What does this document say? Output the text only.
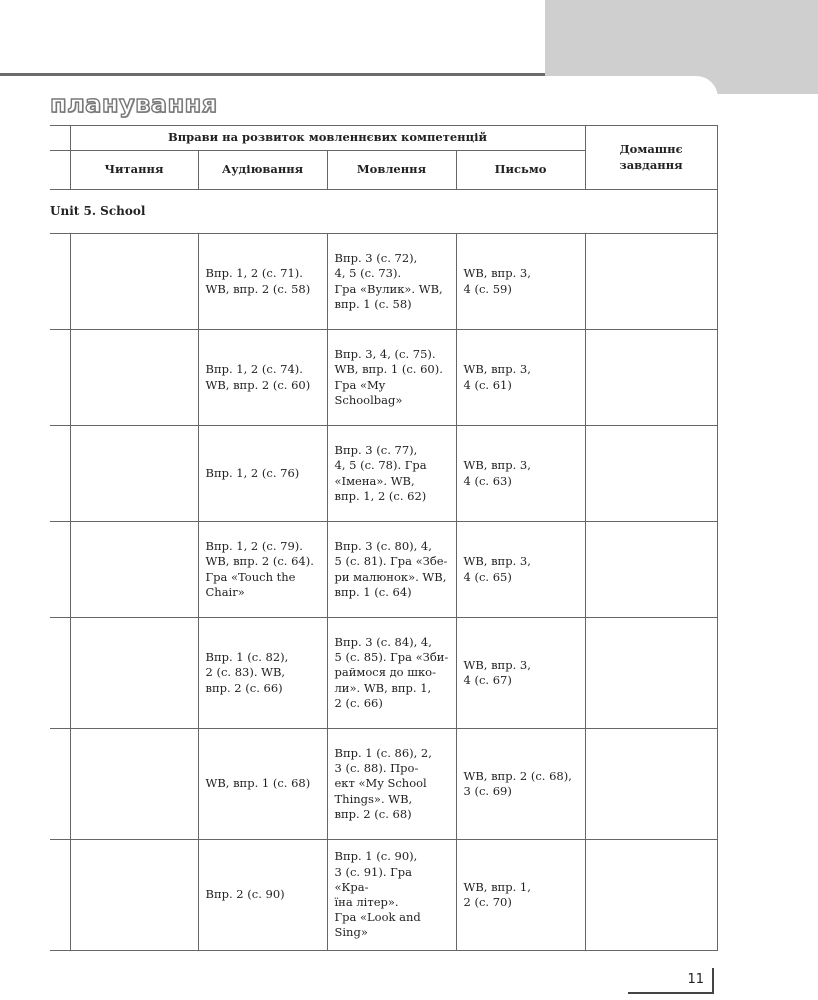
планування
	Вправи на розвиток мовленнєвих компетенцій				Домашнє завдання
	Читання	Аудіювання	Мовлення	Письмо	
Unit 5. School					

		Впр. 1, 2 (с. 71).
WB, впр. 2 (с. 58)	Впр. 3 (с. 72),
4, 5 (с. 73).
Гра «Вулик». WB,
впр. 1 (с. 58)	WB, впр. 3,
4 (с. 59)	

		Впр. 1, 2 (с. 74).
WB, впр. 2 (с. 60)	Впр. 3, 4, (с. 75).
WB, впр. 1 (с. 60).
Гра «My
Schoolbag»	WB, впр. 3,
4 (с. 61)	

		Впр. 1, 2 (с. 76)	Впр. 3 (с. 77),
4, 5 (с. 78). Гра
«Імена». WB,
впр. 1, 2 (с. 62)	WB, впр. 3,
4 (с. 63)	

		Впр. 1, 2 (с. 79).
WB, впр. 2 (с. 64).
Гра «Touch the
Chair»	Впр. 3 (с. 80), 4,
5 (с. 81). Гра «Збе-
ри малюнок». WB,
впр. 1 (с. 64)	WB, впр. 3,
4 (с. 65)	

		Впр. 1 (с. 82),
2 (с. 83). WB,
впр. 2 (с. 66)	Впр. 3 (с. 84), 4,
5 (с. 85). Гра «Зби-
раймося до шко-
ли». WB, впр. 1,
2 (с. 66)	WB, впр. 3,
4 (с. 67)	

		WB, впр. 1 (с. 68)	Впр. 1 (с. 86), 2,
3 (с. 88). Про-
ект «My School
Things». WB,
впр. 2 (с. 68)	WB, впр. 2 (с. 68),
3 (с. 69)	

		Впр. 2 (с. 90)	Впр. 1 (с. 90),
3 (с. 91). Гра «Кра-
їна літер».
Гра «Look and
Sing»	WB, впр. 1,
2 (с. 70)	

11
